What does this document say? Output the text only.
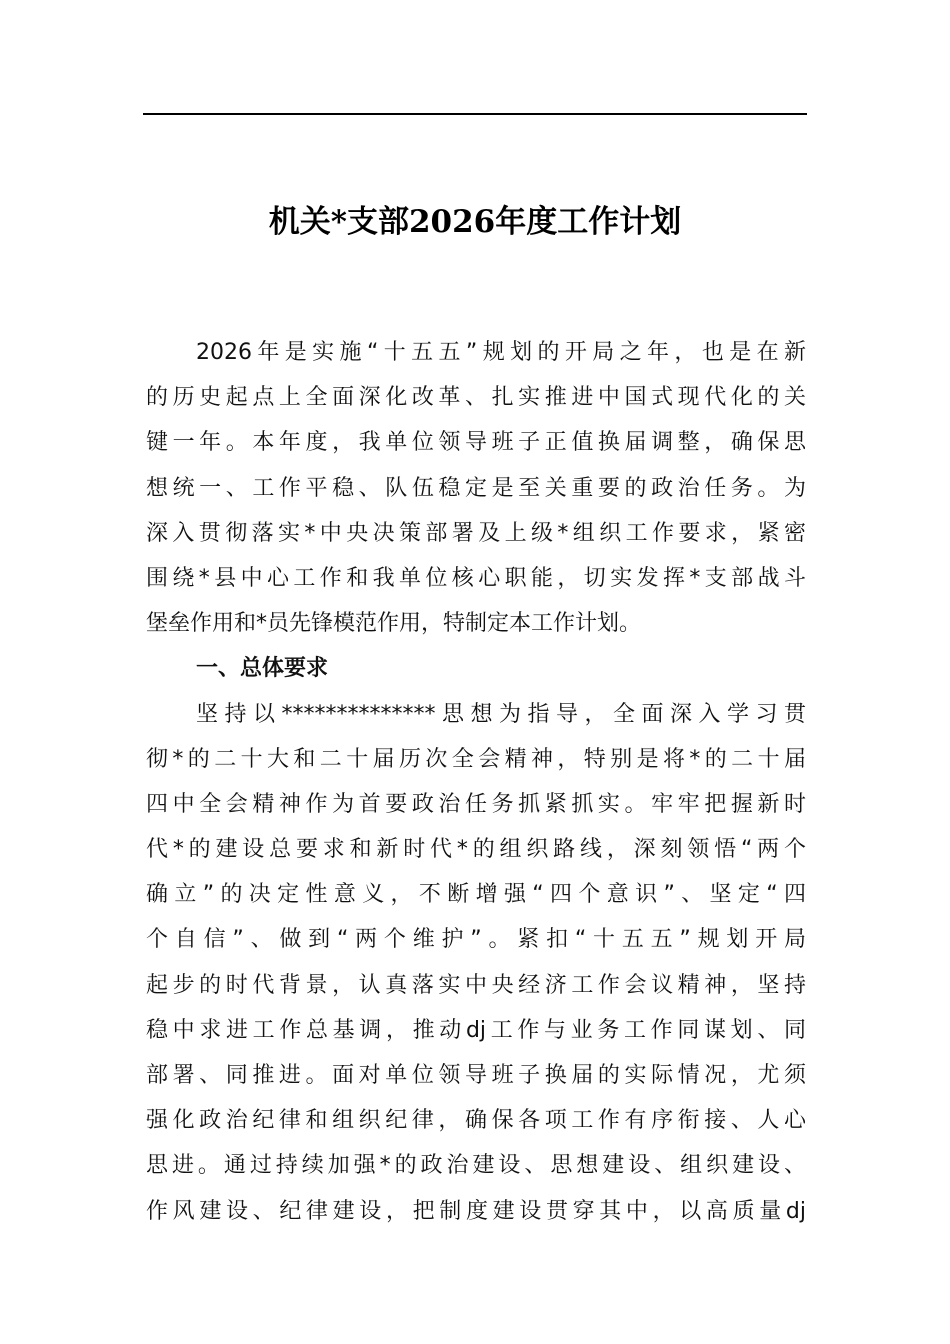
机关*支部2026年度工作计划
2026年是实施“十五五”规划的开局之年，也是在新
的历史起点上全面深化改革、扎实推进中国式现代化的关
键一年。本年度，我单位领导班子正值换届调整，确保思
想统一、工作平稳、队伍稳定是至关重要的政治任务。为
深入贯彻落实*中央决策部署及上级*组织工作要求，紧密
围绕*县中心工作和我单位核心职能，切实发挥*支部战斗
堡垒作用和*员先锋模范作用，特制定本工作计划。
一、总体要求
坚持以**************思想为指导，全面深入学习贯
彻*的二十大和二十届历次全会精神，特别是将*的二十届
四中全会精神作为首要政治任务抓紧抓实。牢牢把握新时
代*的建设总要求和新时代*的组织路线，深刻领悟“两个
确立”的决定性意义，不断增强“四个意识”、坚定“四
个自信”、做到“两个维护”。紧扣“十五五”规划开局
起步的时代背景，认真落实中央经济工作会议精神，坚持
稳中求进工作总基调，推动dj工作与业务工作同谋划、同
部署、同推进。面对单位领导班子换届的实际情况，尤须
强化政治纪律和组织纪律，确保各项工作有序衔接、人心
思进。通过持续加强*的政治建设、思想建设、组织建设、
作风建设、纪律建设，把制度建设贯穿其中，以高质量dj
